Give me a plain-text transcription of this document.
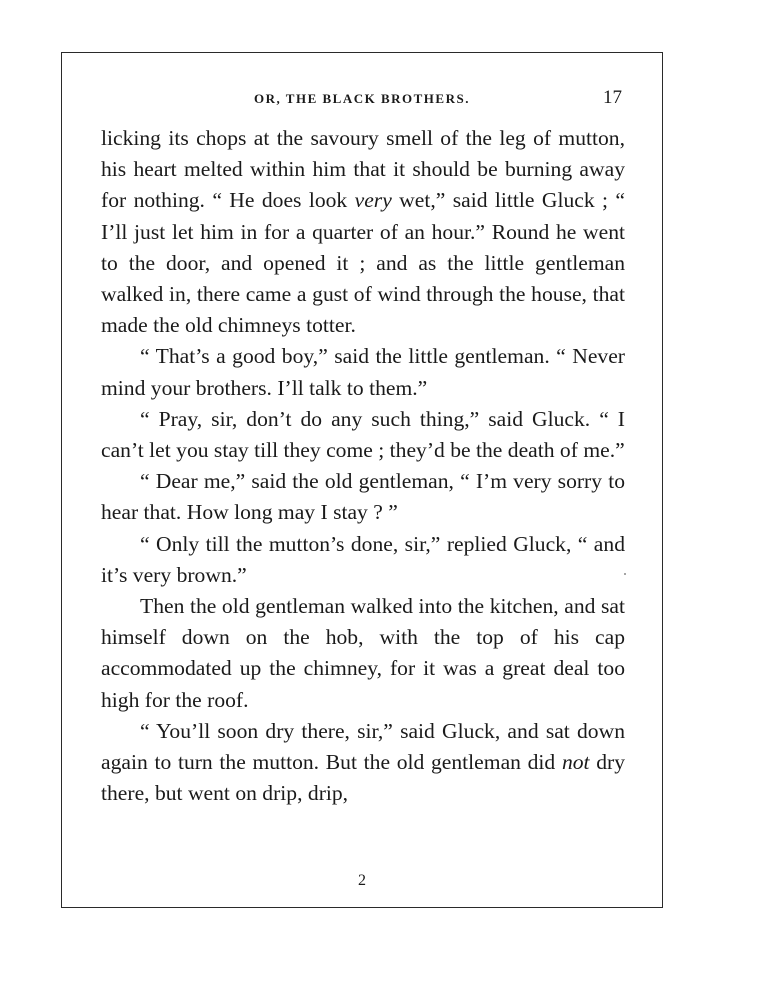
OR, THE BLACK BROTHERS.	17

licking its chops at the savoury smell of the leg of mutton, his heart melted within him that it should be burning away for nothing. “ He does look very wet,” said little Gluck ; “ I’ll just let him in for a quarter of an hour.” Round he went to the door, and opened it ; and as the little gentleman walked in, there came a gust of wind through the house, that made the old chimneys totter.

“ That’s a good boy,” said the little gentleman. “ Never mind your brothers. I’ll talk to them.”

“ Pray, sir, don’t do any such thing,” said Gluck. “ I can’t let you stay till they come ; they’d be the death of me.”

“ Dear me,” said the old gentleman, “ I’m very sorry to hear that. How long may I stay ? ”

“ Only till the mutton’s done, sir,” replied Gluck, “ and it’s very brown.”

Then the old gentleman walked into the kitchen, and sat himself down on the hob, with the top of his cap accommodated up the chimney, for it was a great deal too high for the roof.

“ You’ll soon dry there, sir,” said Gluck, and sat down again to turn the mutton. But the old gentleman did not dry there, but went on drip, drip,

2
